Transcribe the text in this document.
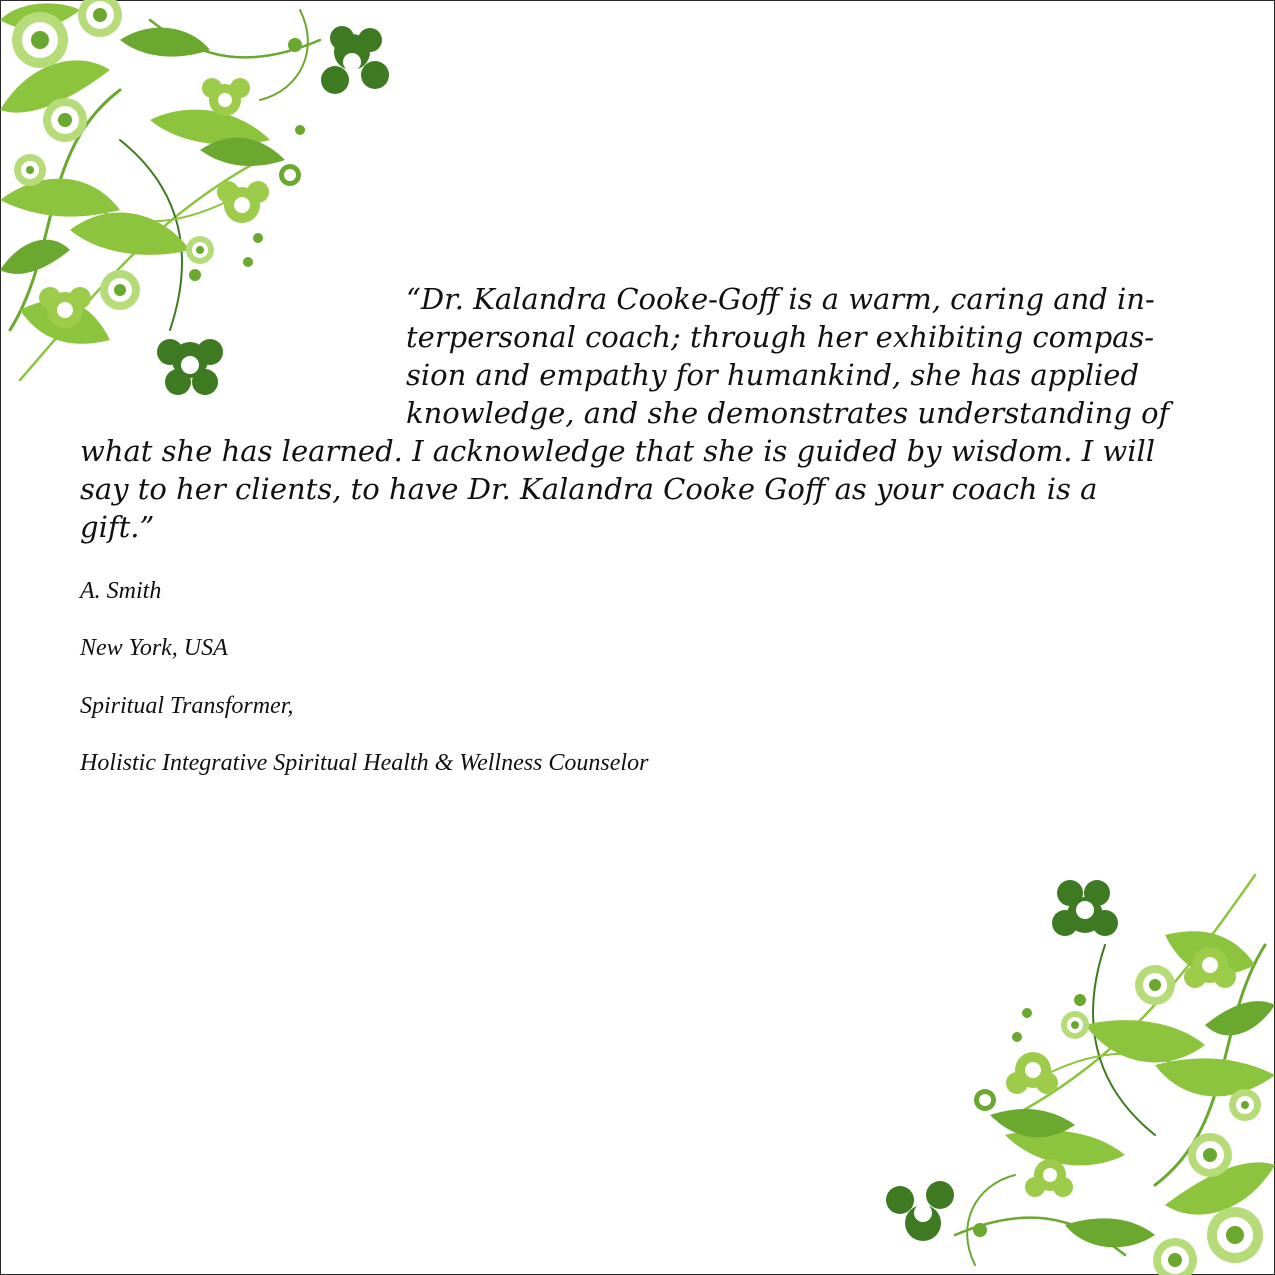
“Dr. Kalandra Cooke-Goff is a warm, caring and in-
terpersonal coach; through her exhibiting compas-
sion and empathy for humankind, she has applied
knowledge, and she demonstrates understanding of
what she has learned. I acknowledge that she is guided by wisdom. I will
say to her clients, to have Dr. Kalandra Cooke Goff as your coach is a
gift.”

A. Smith
New York, USA
Spiritual Transformer,
Holistic Integrative Spiritual Health & Wellness Counselor
